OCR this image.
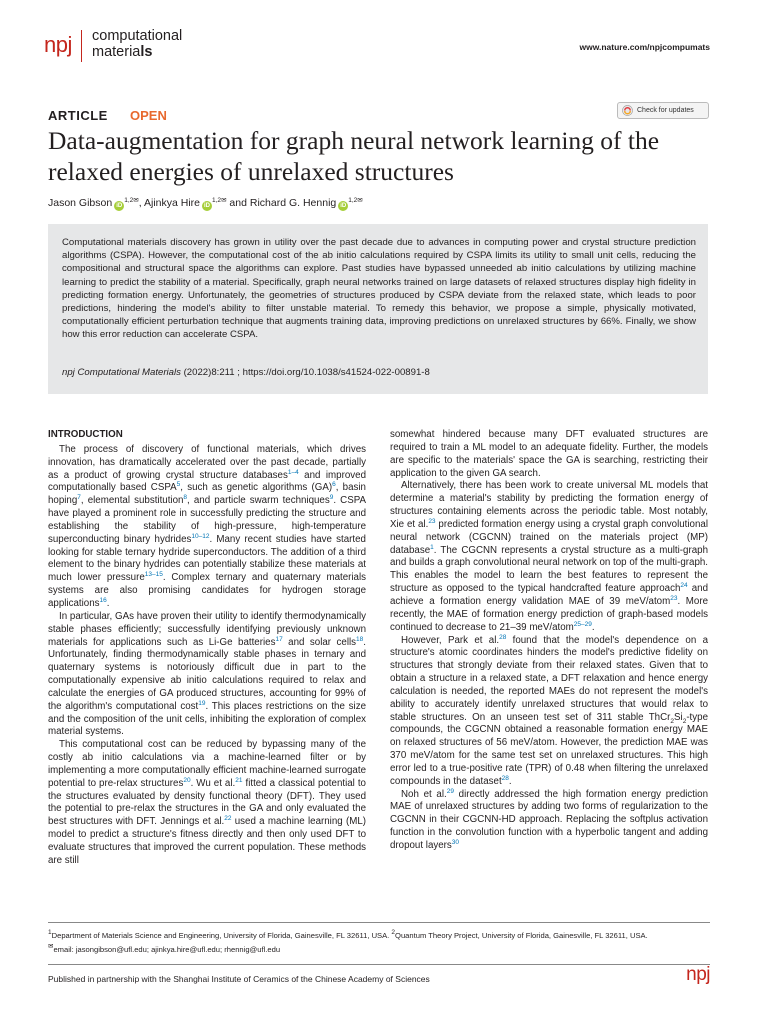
npj computational
materials	www.nature.com/npjcompumats
ARTICLE OPEN	Check for updates
Data-augmentation for graph neural network learning of the relaxed energies of unrelaxed structures
Jason Gibson $iD^{1,2✉}$, Ajinkya Hire $iD^{1,2✉}$ and Richard G. Hennig $iD^{1,2✉}$

Computational materials discovery has grown in utility over the past decade due to advances in computing power and crystal structure prediction algorithms (CSPA). However, the computational cost of the ab initio calculations required by CSPA limits its utility to small unit cells, reducing the compositional and structural space the algorithms can explore. Past studies have bypassed unneeded ab initio calculations by utilizing machine learning to predict the stability of a material. Specifically, graph neural networks trained on large datasets of relaxed structures display high fidelity in predicting formation energy. Unfortunately, the geometries of structures produced by CSPA deviate from the relaxed state, which leads to poor predictions, hindering the model's ability to filter unstable material. To remedy this behavior, we propose a simple, physically motivated, computationally efficient perturbation technique that augments training data, improving predictions on unrelaxed structures by 66%. Finally, we show how this error reduction can accelerate CSPA.

npj Computational Materials (2022)8:211 ; https://doi.org/10.1038/s41524-022-00891-8

INTRODUCTION

The process of discovery of functional materials, which drives innovation, has dramatically accelerated over the past decade, partially as a product of growing crystal structure databases$^{1-4}$ and improved computationally based CSPA$^5$, such as genetic algorithms (GA)$^6$, basin hoping$^7$, elemental substitution$^8$, and particle swarm techniques$^9$. CSPA have played a prominent role in successfully predicting the structure and establishing the stability of high-pressure, high-temperature superconducting binary hydrides$^{10-12}$. Many recent studies have started looking for stable ternary hydride superconductors. The addition of a third element to the binary hydrides can potentially stabilize these materials at much lower pressure$^{13-15}$. Complex ternary and quaternary materials systems are also promising candidates for hydrogen storage applications$^{16}$.

In particular, GAs have proven their utility to identify thermodynamically stable phases efficiently; successfully identifying previously unknown materials for applications such as Li-Ge batteries$^{17}$ and solar cells$^{18}$. Unfortunately, finding thermodynamically stable phases in ternary and quaternary systems is notoriously difficult due in part to the computationally expensive ab initio calculations required to relax and calculate the energies of GA produced structures, accounting for 99% of the algorithm's computational cost$^{19}$. This places restrictions on the size and the composition of the unit cells, inhibiting the exploration of complex material systems.

This computational cost can be reduced by bypassing many of the costly ab initio calculations via a machine-learned filter or by implementing a more computationally efficient machine-learned surrogate potential to pre-relax structures$^{20}$. Wu et al.$^{21}$ fitted a classical potential to the structures evaluated by density functional theory (DFT). They used the potential to pre-relax the structures in the GA and only evaluated the best structures with DFT. Jennings et al.$^{22}$ used a machine learning (ML) model to predict a structure's fitness directly and then only used DFT to evaluate structures that improved the current population. These methods are still

somewhat hindered because many DFT evaluated structures are required to train a ML model to an adequate fidelity. Further, the models are specific to the materials' space the GA is searching, restricting their application to the given GA search.

Alternatively, there has been work to create universal ML models that determine a material's stability by predicting the formation energy of structures containing elements across the periodic table. Most notably, Xie et al.$^{23}$ predicted formation energy using a crystal graph convolutional neural network (CGCNN) trained on the materials project (MP) database$^1$. The CGCNN represents a crystal structure as a multi-graph and builds a graph convolutional neural network on top of the multi-graph. This enables the model to learn the best features to represent the structure as opposed to the typical handcrafted feature approach$^{24}$ and achieve a formation energy validation MAE of 39 meV/atom$^{23}$. More recently, the MAE of formation energy prediction of graph-based models continued to decrease to 21–39 meV/atom$^{25-29}$.

However, Park et al.$^{28}$ found that the model's dependence on a structure's atomic coordinates hinders the model's predictive fidelity on structures that strongly deviate from their relaxed states. Given that to obtain a structure in a relaxed state, a DFT relaxation and hence energy calculation is needed, the reported MAEs do not represent the model's ability to accurately identify unrelaxed structures that would relax to stable structures. On an unseen test set of 311 stable $ThCr_2Si_2$-type compounds, the CGCNN obtained a reasonable formation energy MAE on relaxed structures of 56 meV/atom. However, the prediction MAE was 370 meV/atom for the same test set on unrelaxed structures. This high error led to a true-positive rate (TPR) of 0.48 when filtering the unrelaxed compounds in the dataset$^{28}$.

Noh et al.$^{29}$ directly addressed the high formation energy prediction MAE of unrelaxed structures by adding two forms of regularization to the CGCNN in their CGCNN-HD approach. Replacing the softplus activation function in the convolution function with a hyperbolic tangent and adding dropout layers$^{30}$

1Department of Materials Science and Engineering, University of Florida, Gainesville, FL 32611, USA. 2Quantum Theory Project, University of Florida, Gainesville, FL 32611, USA.
✉email: jasongibson@ufl.edu; ajinkya.hire@ufl.edu; rhennig@ufl.edu

Published in partnership with the Shanghai Institute of Ceramics of the Chinese Academy of Sciences	npj
